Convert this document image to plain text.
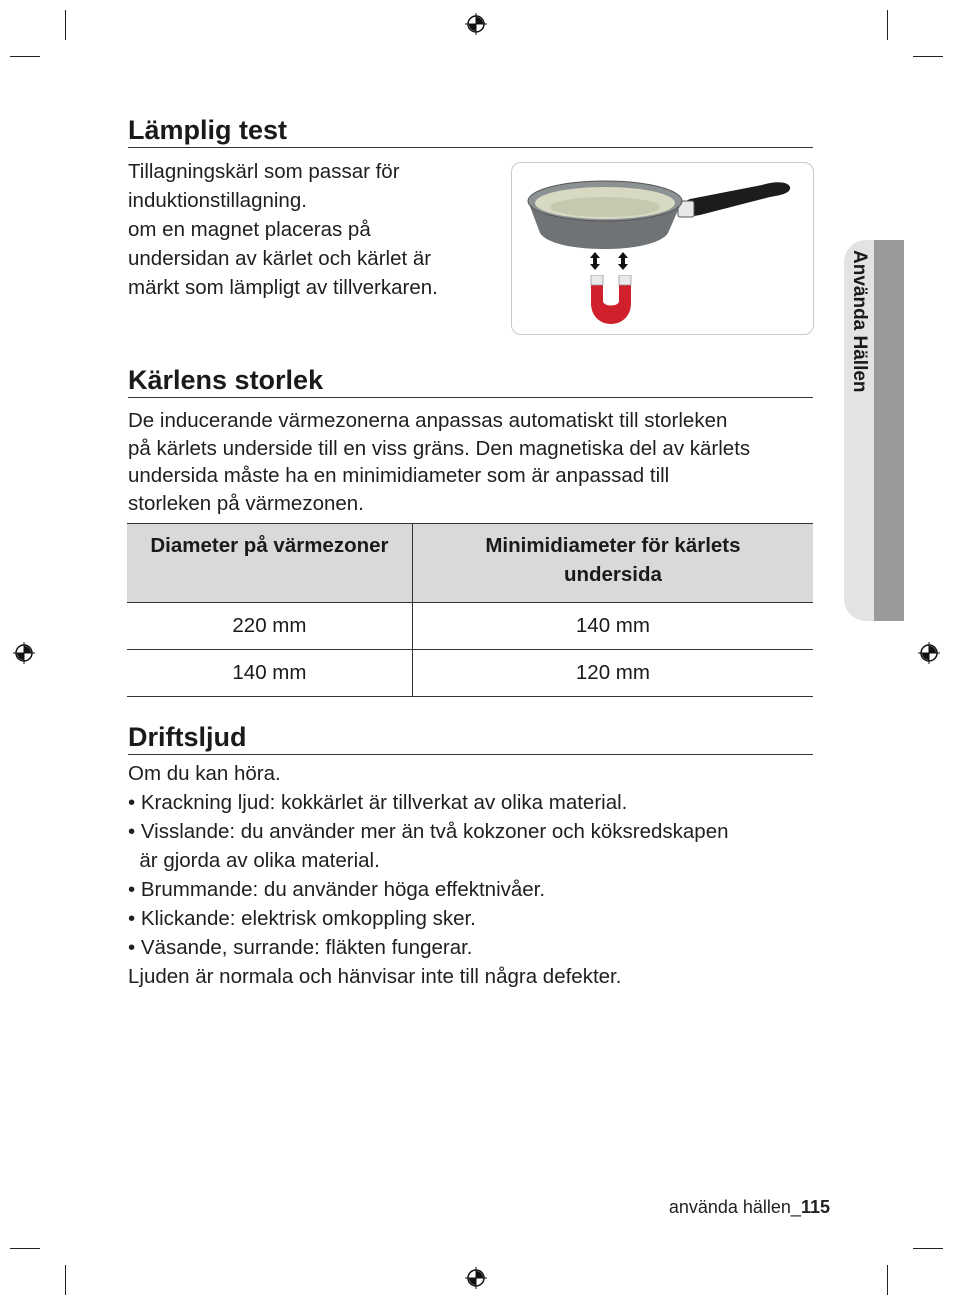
Lämplig test
Tillagningskärl som passar för
induktionstillagning.
om en magnet placeras på
undersidan av kärlet och kärlet är
märkt som lämpligt av tillverkaren.
Kärlens storlek
De inducerande värmezonerna anpassas automatiskt till storleken
på kärlets underside till en viss gräns. Den magnetiska del av kärlets
undersida måste ha en minimidiameter som är anpassad till
storleken på värmezonen.
Diameter på värmezoner	Minimidiameter för kärlets undersida
220 mm	140 mm
140 mm	120 mm
Driftsljud
Om du kan höra.
• Krackning ljud: kokkärlet är tillverkat av olika material.
• Visslande: du använder mer än två kokzoner och köksredskapen
är gjorda av olika material.
• Brummande: du använder höga effektnivåer.
• Klickande: elektrisk omkoppling sker.
• Väsande, surrande: fläkten fungerar.
Ljuden är normala och hänvisar inte till några defekter.
Använda Hällen
använda hällen_115
